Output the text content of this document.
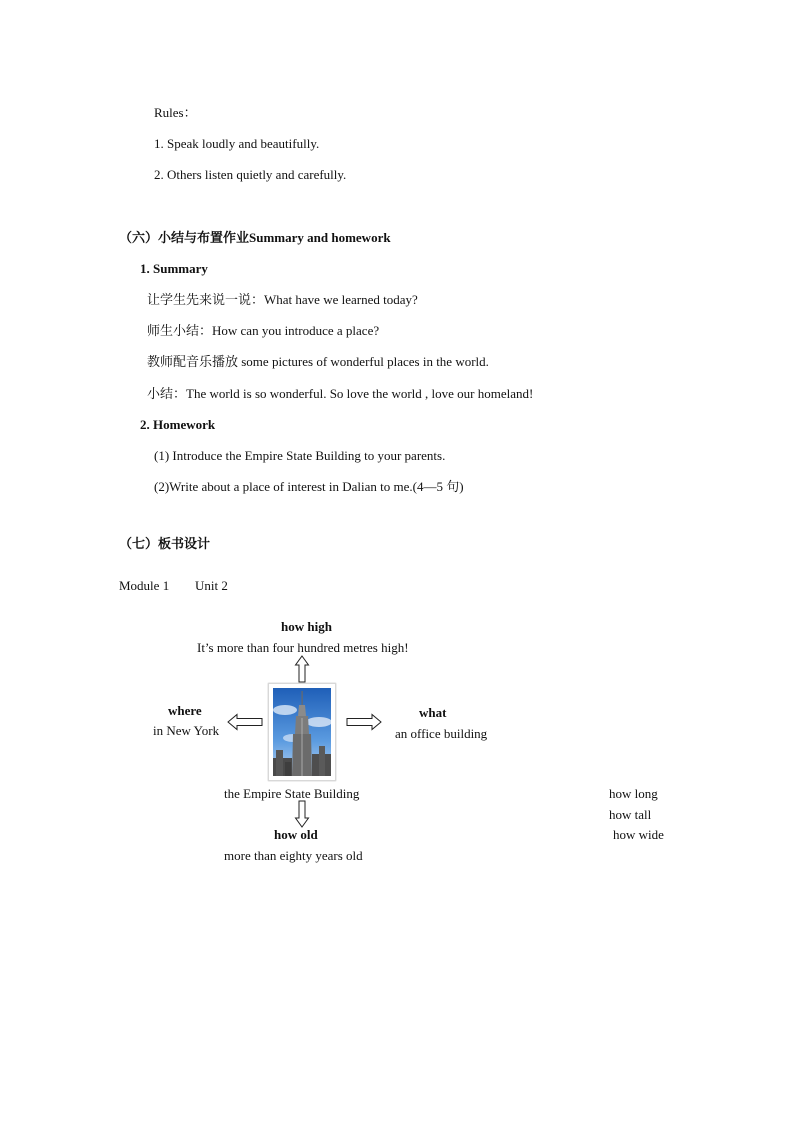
Rules：
1. Speak loudly and beautifully.
2. Others listen quietly and carefully.
（六）小结与布置作业Summary and homework
1. Summary
让学生先来说一说：What have we learned today?
师生小结：How can you introduce a place?
教师配音乐播放 some pictures of wonderful places in the world.
小结：The world is so wonderful. So love the world , love our homeland!
2. Homework
(1) Introduce the Empire State Building to your parents.
(2)Write about a place of interest in Dalian to me.(4—5 句)
（七）板书设计
Module 1 Unit 2
how high
It’s more than four hundred metres high!
where
in New York
what
an office building
the Empire State Building
how old
more than eighty years old
how long
how tall
how wide
